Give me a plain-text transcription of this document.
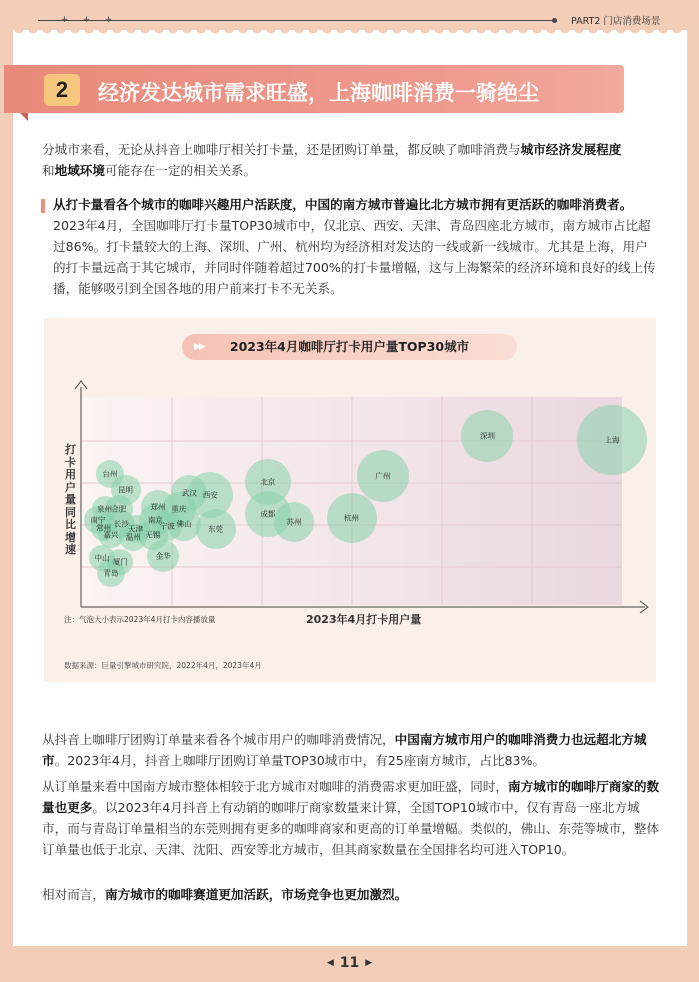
+ + +	PART2 门店消费场景
2	经济发达城市需求旺盛，上海咖啡消费一骑绝尘
分城市来看，无论从抖音上咖啡厅相关打卡量，还是团购订单量，都反映了咖啡消费与城市经济发展程度
和地域环境可能存在一定的相关关系。
从打卡量看各个城市的咖啡兴趣用户活跃度，中国的南方城市普遍比北方城市拥有更活跃的咖啡消费者。2023年4月，全国咖啡厅打卡量TOP30城市中，仅北京、西安、天津、青岛四座北方城市，南方城市占比超过86%。打卡量较大的上海、深圳、广州、杭州均为经济相对发达的一线或新一线城市。尤其是上海，用户的打卡量远高于其它城市，并同时伴随着超过700%的打卡量增幅，这与上海繁荣的经济环境和良好的线上传播，能够吸引到全国各地的用户前来打卡不无关系。
▶▶	2023年4月咖啡厅打卡用户量TOP30城市
上海
深圳
广州
杭州
北京
成都
苏州
西安
东莞
武汉
重庆
佛山
郑州
南京
宁波
无锡
金华
昆明
台州
合肥
泉州
南宁 长沙
天津
常州
嘉兴 温州
中山 厦门
青岛
打卡用户量同比增速
2023年4月打卡用户量
注：气泡大小表示2023年4月打卡内容播放量
数据来源：巨量引擎城市研究院，2022年4月，2023年4月
从抖音上咖啡厅团购订单量来看各个城市用户的咖啡消费情况，中国南方城市用户的咖啡消费力也远超北方城市。2023年4月，抖音上咖啡厅团购订单量TOP30城市中，有25座南方城市，占比83%。
从订单量来看中国南方城市整体相较于北方城市对咖啡的消费需求更加旺盛，同时，南方城市的咖啡厅商家的数量也更多。以2023年4月抖音上有动销的咖啡厅商家数量来计算，全国TOP10城市中，仅有青岛一座北方城市，而与青岛订单量相当的东莞则拥有更多的咖啡商家和更高的订单量增幅。类似的，佛山、东莞等城市，整体订单量也低于北京、天津、沈阳、西安等北方城市，但其商家数量在全国排名均可进入TOP10。
相对而言，南方城市的咖啡赛道更加活跃，市场竞争也更加激烈。
◀ 11 ▶
